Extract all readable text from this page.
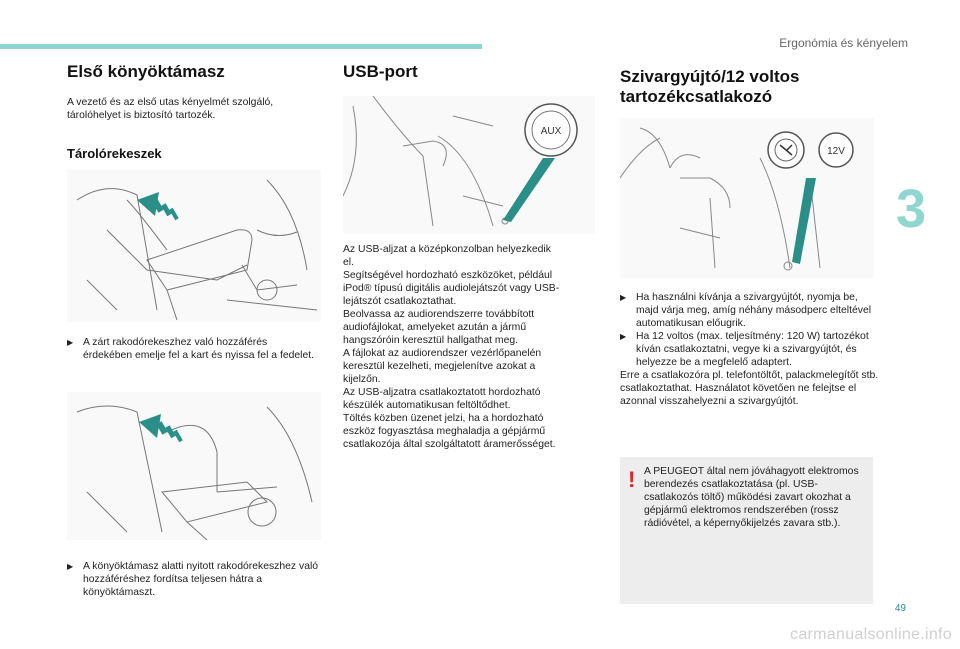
Ergonómia és kényelem
3
49
carmanualsonline.info
Első könyöktámasz

A vezető és az első utas kényelmét szolgáló, tárolóhelyet is biztosító tartozék.

Tárolórekeszek

▶ A zárt rakodórekeszhez való hozzáférés érdekében emelje fel a kart és nyissa fel a fedelet.

▶ A könyöktámasz alatti nyitott rakodórekeszhez való hozzáféréshez fordítsa teljesen hátra a könyöktámaszt.

USB-port
AUX

Az USB-aljzat a középkonzolban helyezkedik

el.

Segítségével hordozható eszközöket, például

iPod® típusú digitális audiolejátszót vagy USB-

lejátszót csatlakoztathat.

Beolvassa az audiorendszerre továbbított

audiofájlokat, amelyeket azután a jármű

hangszóróin keresztül hallgathat meg.

A fájlokat az audiorendszer vezérlőpanelén

keresztül kezelheti, megjelenítve azokat a

kijelzőn.

Az USB-aljzatra csatlakoztatott hordozható

készülék automatikusan feltöltődhet.

Töltés közben üzenet jelzi, ha a hordozható

eszköz fogyasztása meghaladja a gépjármű

csatlakozója által szolgáltatott áramerősséget.

Szivargyújtó/12 voltos
tartozékcsatlakozó
12V

▶ Ha használni kívánja a szivargyújtót, nyomja be, majd várja meg, amíg néhány másodperc elteltével automatikusan előugrik.

▶ Ha 12 voltos (max. teljesítmény: 120 W) tartozékot kíván csatlakoztatni, vegye ki a szivargyújtót, és helyezze be a megfelelő adaptert.

Erre a csatlakozóra pl. telefontöltőt, palackmelegítőt stb. csatlakoztathat. Használatot követően ne felejtse el azonnal visszahelyezni a szivargyújtót.

! A PEUGEOT által nem jóváhagyott elektromos berendezés csatlakoztatása (pl. USB-csatlakozós töltő) működési zavart okozhat a gépjármű elektromos rendszerében (rossz rádióvétel, a képernyőkijelzés zavara stb.).
